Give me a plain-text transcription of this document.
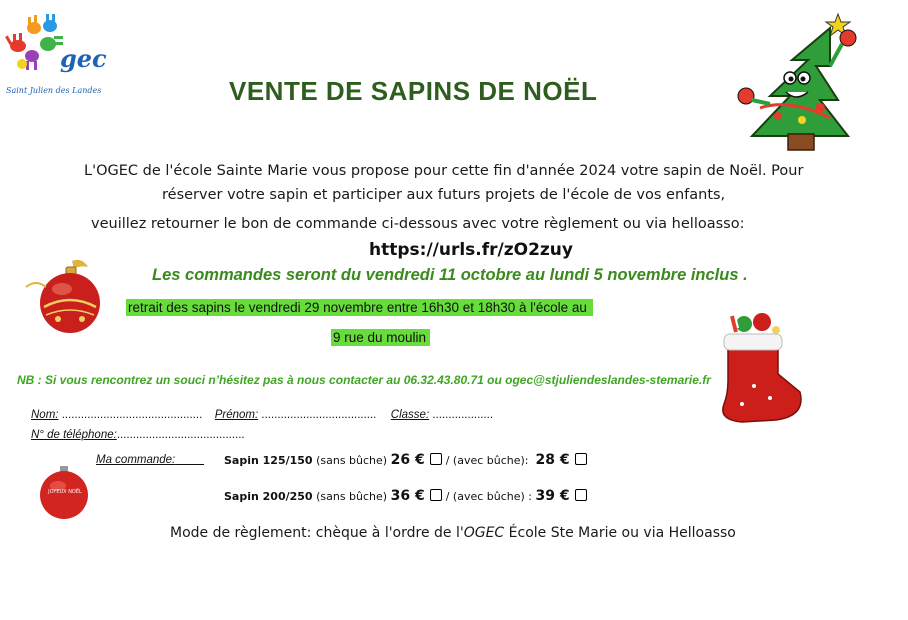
gec
Saint Julien des Landes	VENTE DE SAPINS DE NOËL
L'OGEC de l'école Sainte Marie vous propose pour cette fin d'année 2024 votre sapin de Noël. Pour
réserver votre sapin et participer aux futurs projets de l'école de vos enfants,
veuillez retourner le bon de commande ci-dessous avec votre règlement ou via helloasso:
https://urls.fr/zO2zuy
Les commandes seront du vendredi 11 octobre au lundi 5 novembre inclus .
retrait des sapins le vendredi 29 novembre entre 16h30 et 18h30 à l'école au
9 rue du moulin
NB : Si vous rencontrez un souci n’hésitez pas à nous contacter au 06.32.43.80.71 ou ogec@stjuliendeslandes-stemarie.fr
Nom: ............................................ Prénom: .................................... Classe: ...................
N° de téléphone:........................................
JOYEUX NOËL
Ma commande:	Sapin 125/150 (sans bûche) 26 € / (avec bûche): 28 €
Sapin 200/250 (sans bûche) 36 € / (avec bûche) : 39 €
Mode de règlement: chèque à l'ordre de l'OGEC École Ste Marie ou via Helloasso
